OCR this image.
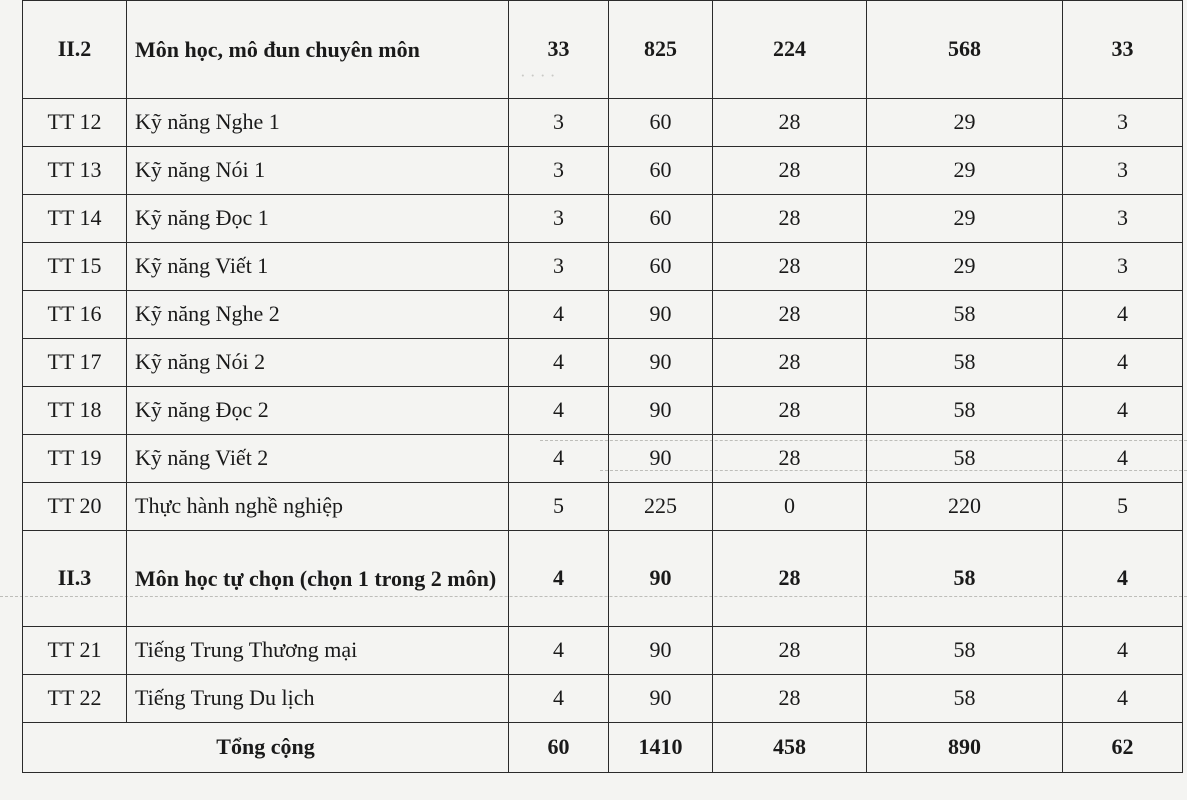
· · · ·
II.2	Môn học, mô đun chuyên môn	33	825	224	568	33
TT 12	Kỹ năng Nghe 1	3	60	28	29	3
TT 13	Kỹ năng Nói 1	3	60	28	29	3
TT 14	Kỹ năng Đọc 1	3	60	28	29	3
TT 15	Kỹ năng Viết 1	3	60	28	29	3
TT 16	Kỹ năng Nghe 2	4	90	28	58	4
TT 17	Kỹ năng Nói 2	4	90	28	58	4
TT 18	Kỹ năng Đọc 2	4	90	28	58	4
TT 19	Kỹ năng Viết 2	4	90	28	58	4
TT 20	Thực hành nghề nghiệp	5	225	0	220	5
II.3	Môn học tự chọn (chọn 1 trong 2 môn)	4	90	28	58	4
TT 21	Tiếng Trung Thương mại	4	90	28	58	4
TT 22	Tiếng Trung Du lịch	4	90	28	58	4
Tổng cộng		60	1410	458	890	62
